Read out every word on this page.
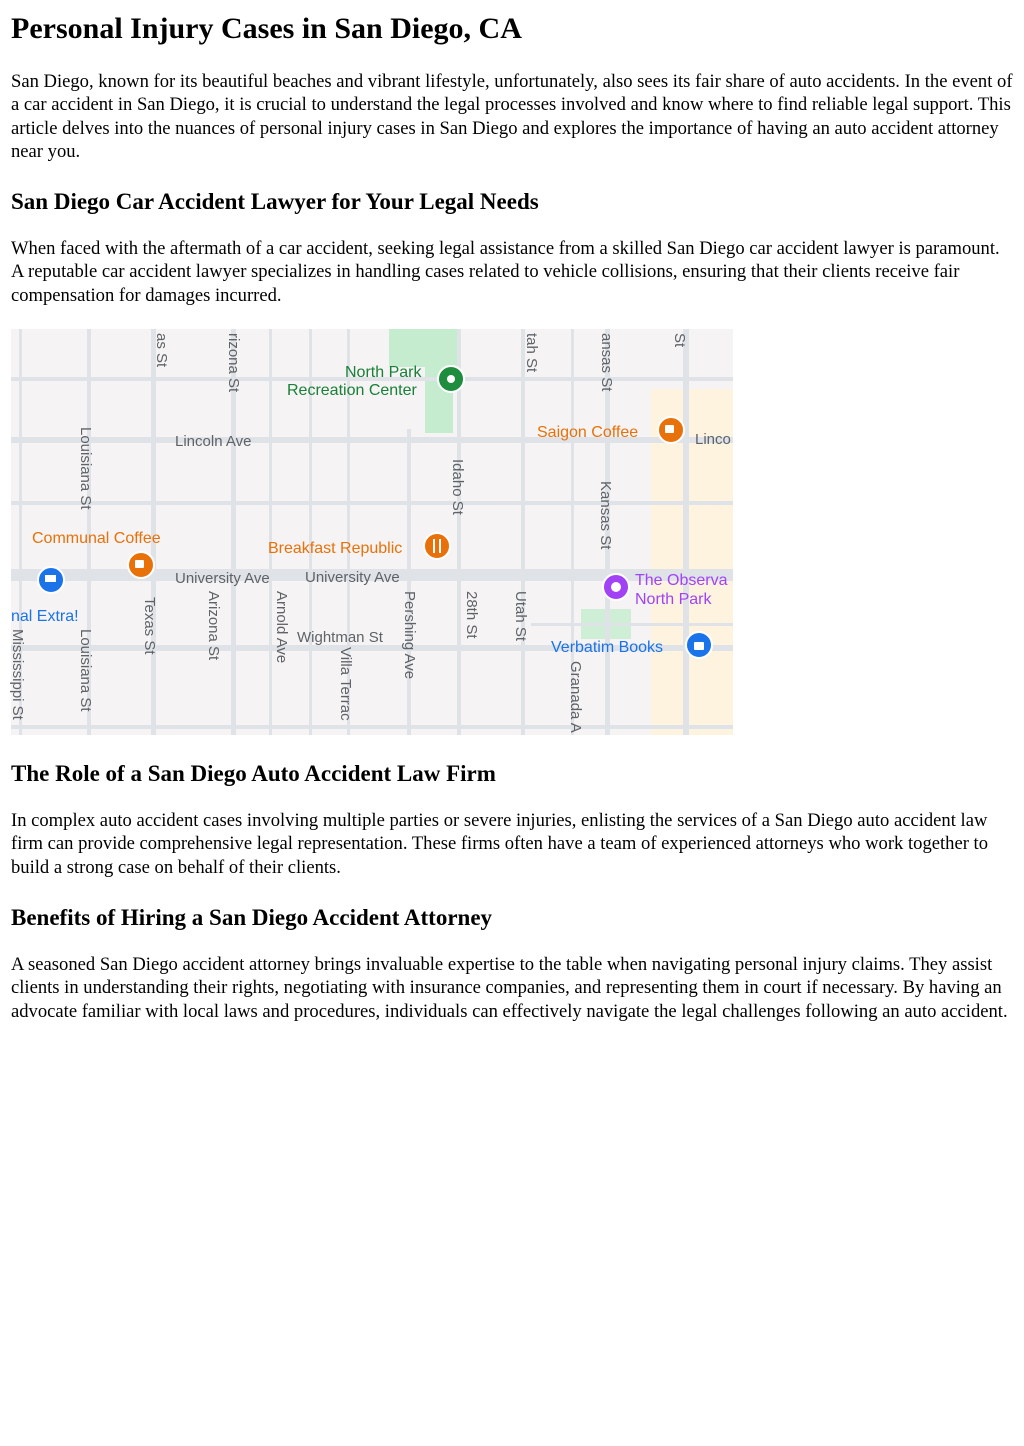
Personal Injury Cases in San Diego, CA

San Diego, known for its beautiful beaches and vibrant lifestyle, unfortunately, also sees its fair share of auto accidents. In the event of a car accident in San Diego, it is crucial to understand the legal processes involved and know where to find reliable legal support. This article delves into the nuances of personal injury cases in San Diego and explores the importance of having an auto accident attorney near you.

San Diego Car Accident Lawyer for Your Legal Needs

When faced with the aftermath of a car accident, seeking legal assistance from a skilled San Diego car accident lawyer is paramount. A reputable car accident lawyer specializes in handling cases related to vehicle collisions, ensuring that their clients receive fair compensation for damages incurred.

as St	rizona St	tah St	ansas St	St
Lincoln Ave	Linco
Louisiana St	Idaho St	Kansas St
University Ave University Ave
Texas St	Arizona St	Arnold Ave Wightman St Pershing Ave	28th St Utah St
Mississippi St	Louisiana St	Villa Terrac	Granada A
North Park
Recreation Center
Saigon Coffee
Communal Coffee
Breakfast Republic
The Observa
North Park
Verbatim Books
nal Extra!
The Role of a San Diego Auto Accident Law Firm

In complex auto accident cases involving multiple parties or severe injuries, enlisting the services of a San Diego auto accident law firm can provide comprehensive legal representation. These firms often have a team of experienced attorneys who work together to build a strong case on behalf of their clients.

Benefits of Hiring a San Diego Accident Attorney

A seasoned San Diego accident attorney brings invaluable expertise to the table when navigating personal injury claims. They assist clients in understanding their rights, negotiating with insurance companies, and representing them in court if necessary. By having an advocate familiar with local laws and procedures, individuals can effectively navigate the legal challenges following an auto accident.
